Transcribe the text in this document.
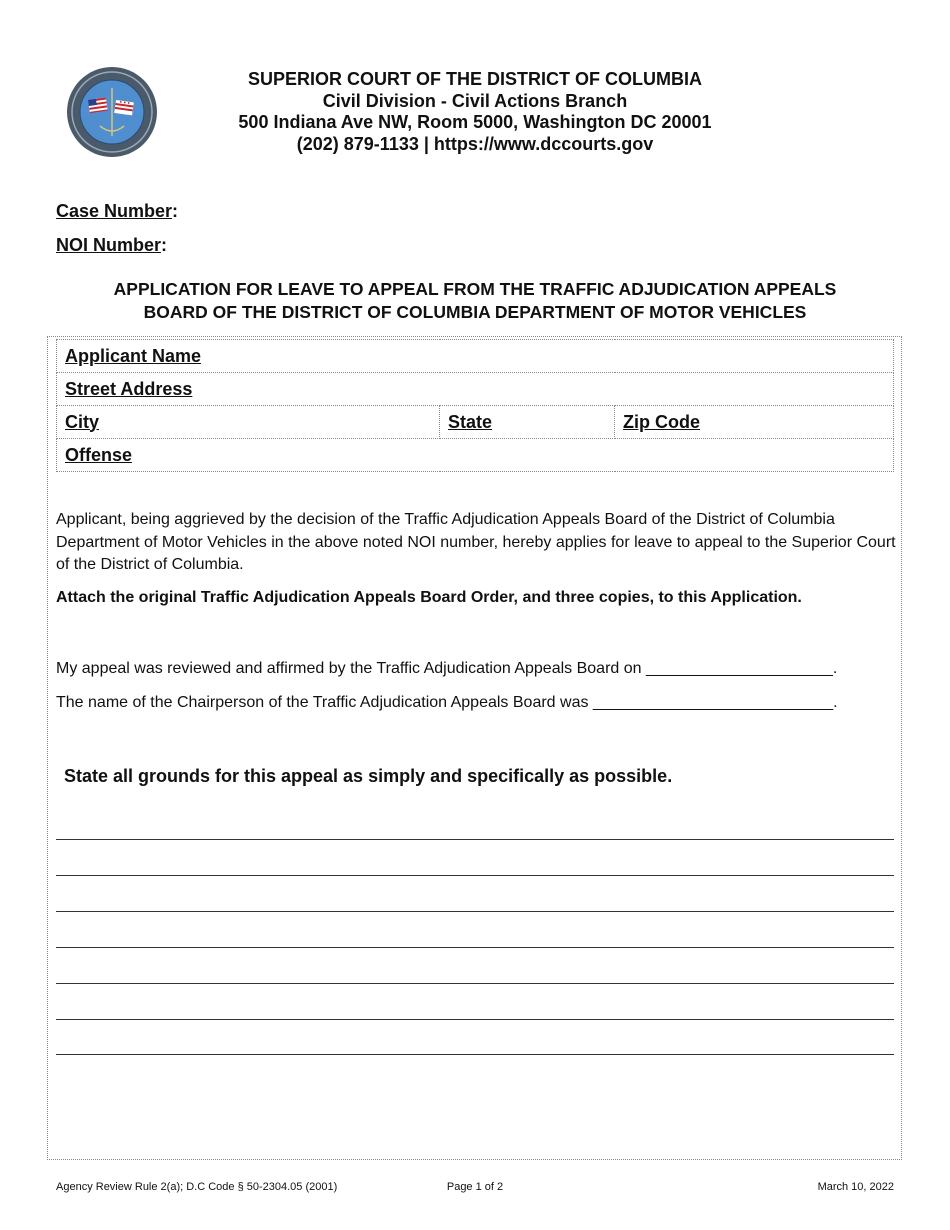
SUPERIOR COURT OF THE DISTRICT OF COLUMBIA
Civil Division - Civil Actions Branch
500 Indiana Ave NW, Room 5000, Washington DC 20001
(202) 879-1133 | https://www.dccourts.gov
Case Number:
NOI Number:
APPLICATION FOR LEAVE TO APPEAL FROM THE TRAFFIC ADJUDICATION APPEALS
BOARD OF THE DISTRICT OF COLUMBIA DEPARTMENT OF MOTOR VEHICLES
Applicant Name
Street Address
City	State	Zip Code
Offense
Applicant, being aggrieved by the decision of the Traffic Adjudication Appeals Board of the District of Columbia Department of Motor Vehicles in the above noted NOI number, hereby applies for leave to appeal to the Superior Court of the District of Columbia.
Attach the original Traffic Adjudication Appeals Board Order, and three copies, to this Application.
My appeal was reviewed and affirmed by the Traffic Adjudication Appeals Board on _____________________.
The name of the Chairperson of the Traffic Adjudication Appeals Board was ___________________________.
State all grounds for this appeal as simply and specifically as possible.
Agency Review Rule 2(a); D.C Code § 50-2304.05 (2001)	Page 1 of 2	March 10, 2022
